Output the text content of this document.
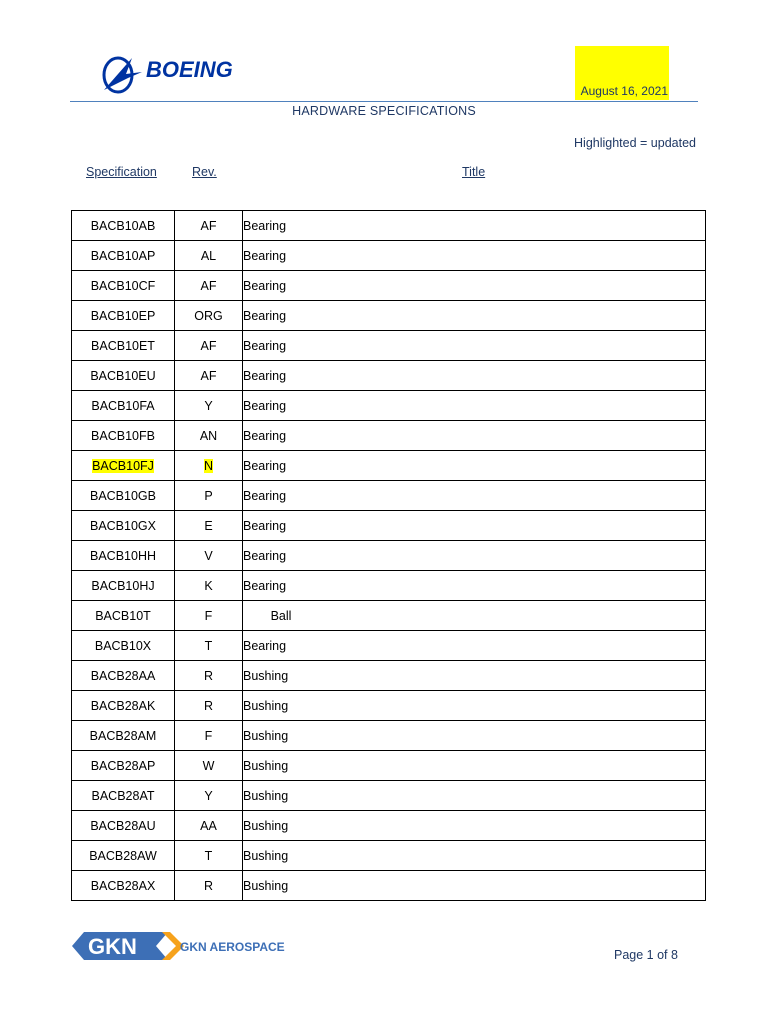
BOEING
August 16, 2021
HARDWARE SPECIFICATIONS
Highlighted = updated
Specification	Rev.	Title
BACB10AB	AF	Bearing
BACB10AP	AL	Bearing
BACB10CF	AF	Bearing
BACB10EP	ORG	Bearing
BACB10ET	AF	Bearing
BACB10EU	AF	Bearing
BACB10FA	Y	Bearing
BACB10FB	AN	Bearing
BACB10FJ	N	Bearing
BACB10GB	P	Bearing
BACB10GX	E	Bearing
BACB10HH	V	Bearing
BACB10HJ	K	Bearing
BACB10T	F	Ball
BACB10X	T	Bearing
BACB28AA	R	Bushing
BACB28AK	R	Bushing
BACB28AM	F	Bushing
BACB28AP	W	Bushing
BACB28AT	Y	Bushing
BACB28AU	AA	Bushing
BACB28AW	T	Bushing
BACB28AX	R	Bushing
GKN	GKN AEROSPACE
Page 1 of 8
